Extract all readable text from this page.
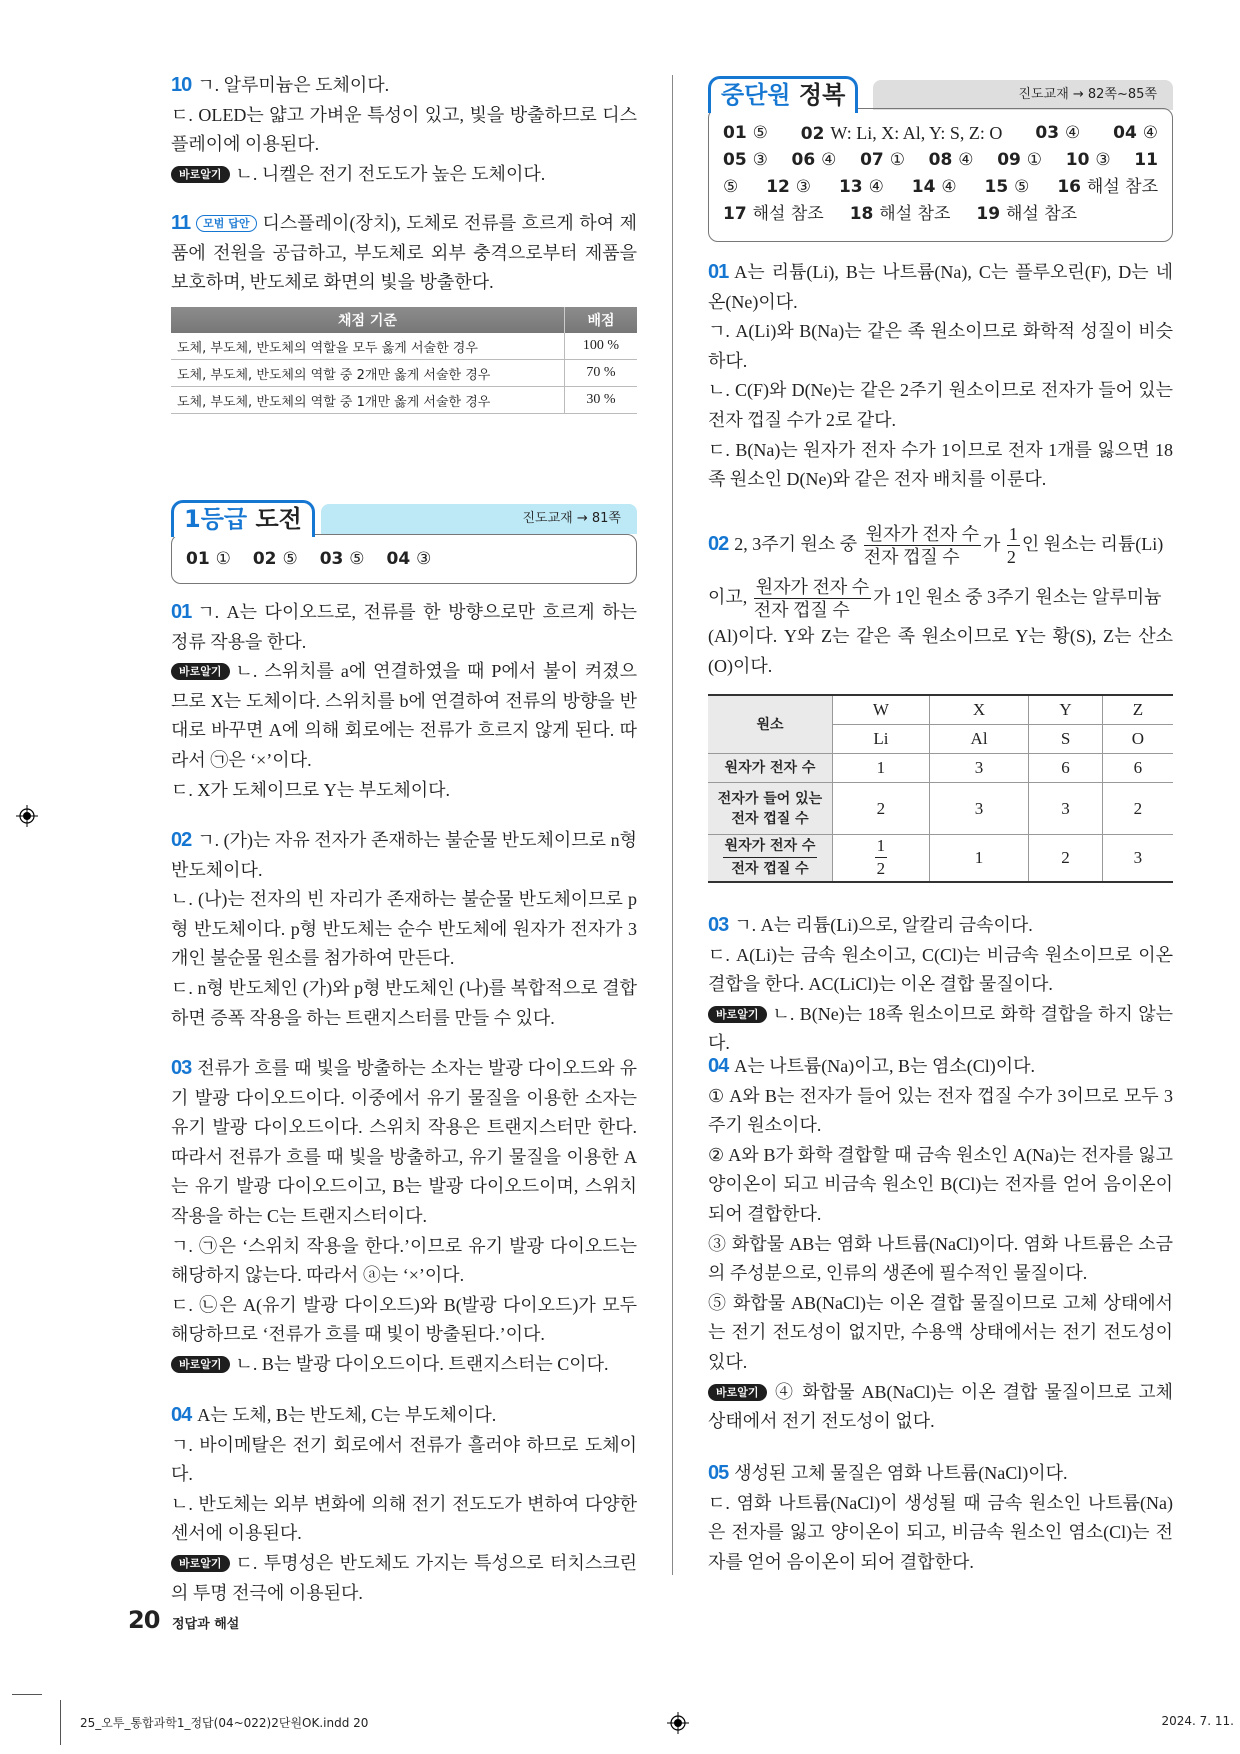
10 ㄱ. 알루미늄은 도체이다.
ㄷ. OLED는 얇고 가벼운 특성이 있고, 빛을 방출하므로 디스플레이에 이용된다.
바로알기 ㄴ. 니켈은 전기 전도도가 높은 도체이다.
11 모범 답안 디스플레이(장치), 도체로 전류를 흐르게 하여 제품에 전원을 공급하고, 부도체로 외부 충격으로부터 제품을 보호하며, 반도체로 화면의 빛을 방출한다.
채점 기준	배점
도체, 부도체, 반도체의 역할을 모두 옳게 서술한 경우	100 %
도체, 부도체, 반도체의 역할 중 2개만 옳게 서술한 경우	70 %
도체, 부도체, 반도체의 역할 중 1개만 옳게 서술한 경우	30 %
1등급 도전	진도교재 → 81쪽
01 ① 02 ⑤ 03 ⑤ 04 ③
01 ㄱ. A는 다이오드로, 전류를 한 방향으로만 흐르게 하는 정류 작용을 한다.
바로알기 ㄴ. 스위치를 a에 연결하였을 때 P에서 불이 켜졌으므로 X는 도체이다. 스위치를 b에 연결하여 전류의 방향을 반대로 바꾸면 A에 의해 회로에는 전류가 흐르지 않게 된다. 따라서 ㉠은 ‘×’이다.
ㄷ. X가 도체이므로 Y는 부도체이다.
02 ㄱ. (가)는 자유 전자가 존재하는 불순물 반도체이므로 n형 반도체이다.
ㄴ. (나)는 전자의 빈 자리가 존재하는 불순물 반도체이므로 p형 반도체이다. p형 반도체는 순수 반도체에 원자가 전자가 3개인 불순물 원소를 첨가하여 만든다.
ㄷ. n형 반도체인 (가)와 p형 반도체인 (나)를 복합적으로 결합하면 증폭 작용을 하는 트랜지스터를 만들 수 있다.
03 전류가 흐를 때 빛을 방출하는 소자는 발광 다이오드와 유기 발광 다이오드이다. 이중에서 유기 물질을 이용한 소자는 유기 발광 다이오드이다. 스위치 작용은 트랜지스터만 한다. 따라서 전류가 흐를 때 빛을 방출하고, 유기 물질을 이용한 A는 유기 발광 다이오드이고, B는 발광 다이오드이며, 스위치 작용을 하는 C는 트랜지스터이다.
ㄱ. ㉠은 ‘스위치 작용을 한다.’이므로 유기 발광 다이오드는 해당하지 않는다. 따라서 ⓐ는 ‘×’이다.
ㄷ. ㉡은 A(유기 발광 다이오드)와 B(발광 다이오드)가 모두 해당하므로 ‘전류가 흐를 때 빛이 방출된다.’이다.
바로알기 ㄴ. B는 발광 다이오드이다. 트랜지스터는 C이다.
04 A는 도체, B는 반도체, C는 부도체이다.
ㄱ. 바이메탈은 전기 회로에서 전류가 흘러야 하므로 도체이다.
ㄴ. 반도체는 외부 변화에 의해 전기 전도도가 변하여 다양한 센서에 이용된다.
바로알기 ㄷ. 투명성은 반도체도 가지는 특성으로 터치스크린의 투명 전극에 이용된다.
중단원 정복	진도교재 → 82쪽~85쪽
01 ⑤ 02 W: Li, X: Al, Y: S, Z: O 03 ④ 04 ④
05 ③ 06 ④ 07 ① 08 ④ 09 ① 10 ③ 11
⑤ 12 ③ 13 ④ 14 ④ 15 ⑤ 16 해설 참조
17 해설 참조 18 해설 참조 19 해설 참조
01 A는 리튬(Li), B는 나트륨(Na), C는 플루오린(F), D는 네온(Ne)이다.
ㄱ. A(Li)와 B(Na)는 같은 족 원소이므로 화학적 성질이 비슷하다.
ㄴ. C(F)와 D(Ne)는 같은 2주기 원소이므로 전자가 들어 있는 전자 껍질 수가 2로 같다.
ㄷ. B(Na)는 원자가 전자 수가 1이므로 전자 1개를 잃으면 18족 원소인 D(Ne)와 같은 전자 배치를 이룬다.
02 2, 3주기 원소 중 $\frac{\text{원자가 전자 수}}{\text{전자 껍질 수}}$ 가 $\frac{1}{2}$ 인 원소는 리튬(Li)
이고, $\frac{\text{원자가 전자 수}}{\text{전자 껍질 수}}$ 가 1인 원소 중 3주기 원소는 알루미늄
(Al)이다. Y와 Z는 같은 족 원소이므로 Y는 황(S), Z는 산소(O)이다.
원소	W	X	Y	Z
	Li	Al	S	O
원자가 전자 수	1	3	6	6

전자가 들어 있는
전자 껍질 수	2	3	3	2

$\frac{\text{원자가 전자 수}}{\text{전자 껍질 수}}$	$\frac{1}{2}$	1	2	3
03 ㄱ. A는 리튬(Li)으로, 알칼리 금속이다.
ㄷ. A(Li)는 금속 원소이고, C(Cl)는 비금속 원소이므로 이온 결합을 한다. AC(LiCl)는 이온 결합 물질이다.
바로알기 ㄴ. B(Ne)는 18족 원소이므로 화학 결합을 하지 않는다.
04 A는 나트륨(Na)이고, B는 염소(Cl)이다.
① A와 B는 전자가 들어 있는 전자 껍질 수가 3이므로 모두 3주기 원소이다.
② A와 B가 화학 결합할 때 금속 원소인 A(Na)는 전자를 잃고 양이온이 되고 비금속 원소인 B(Cl)는 전자를 얻어 음이온이 되어 결합한다.
③ 화합물 AB는 염화 나트륨(NaCl)이다. 염화 나트륨은 소금의 주성분으로, 인류의 생존에 필수적인 물질이다.
⑤ 화합물 AB(NaCl)는 이온 결합 물질이므로 고체 상태에서는 전기 전도성이 없지만, 수용액 상태에서는 전기 전도성이 있다.
바로알기 ④ 화합물 AB(NaCl)는 이온 결합 물질이므로 고체 상태에서 전기 전도성이 없다.
05 생성된 고체 물질은 염화 나트륨(NaCl)이다.
ㄷ. 염화 나트륨(NaCl)이 생성될 때 금속 원소인 나트륨(Na)은 전자를 잃고 양이온이 되고, 비금속 원소인 염소(Cl)는 전자를 얻어 음이온이 되어 결합한다.
20 정답과 해설
25_오투_통합과학1_정답(04~022)2단원OK.indd 20	2024. 7. 11.
